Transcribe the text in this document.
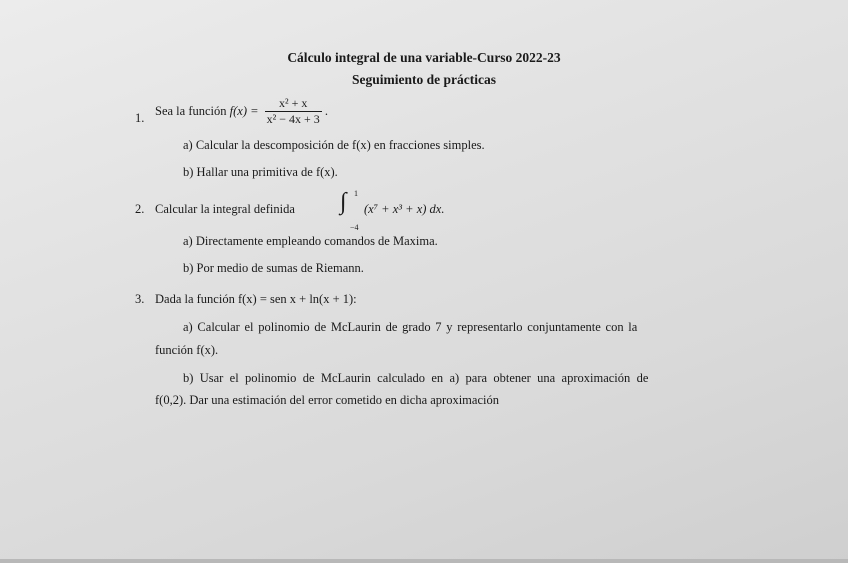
Cálculo integral de una variable-Curso 2022-23
Seguimiento de prácticas
1. Sea la función $f(x) = \frac{\text{x² + x}}{\text{x² − 4x + 3}}$ .
a) Calcular la descomposición de f(x) en fracciones simples.
b) Hallar una primitiva de f(x).
2. Calcular la integral definida ∫ 1
−4
(x⁷ + x³ + x) dx.
a) Directamente empleando comandos de Maxima.
b) Por medio de sumas de Riemann.
3. Dada la función f(x) = sen x + ln(x + 1):
a) Calcular el polinomio de McLaurin de grado 7 y representarlo conjuntamente con la
función f(x).
b) Usar el polinomio de McLaurin calculado en a) para obtener una aproximación de
f(0,2). Dar una estimación del error cometido en dicha aproximación
